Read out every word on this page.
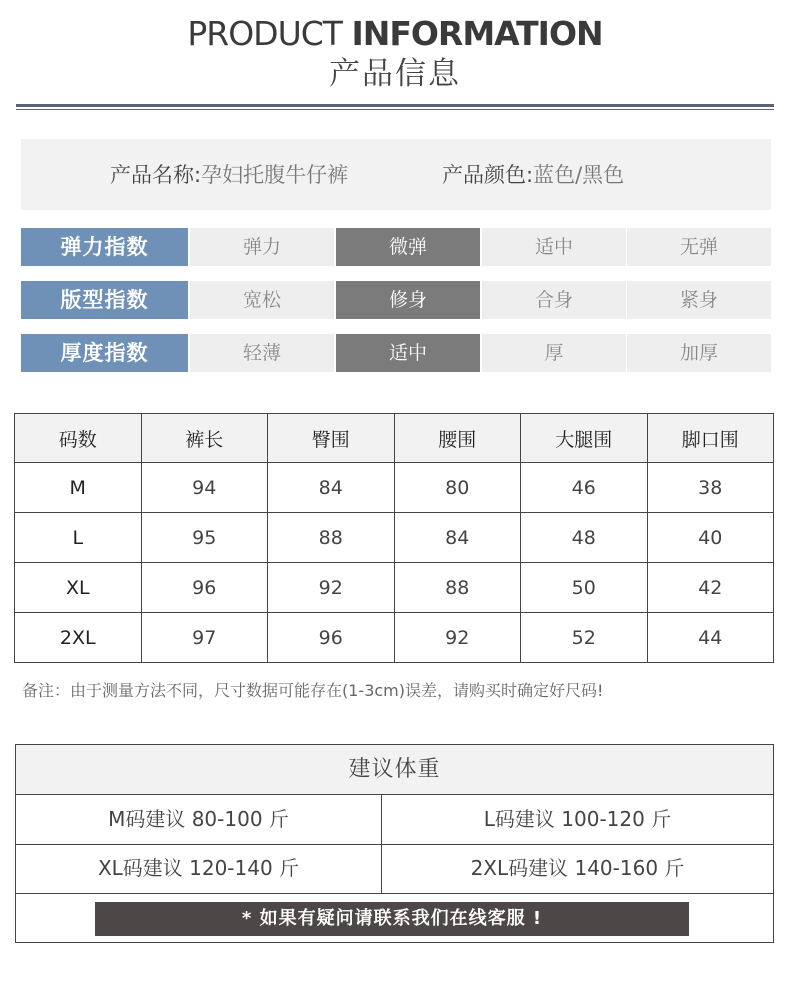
PRODUCT INFORMATION
产品信息
产品名称:孕妇托腹牛仔裤	产品颜色:蓝色/黑色
弹力指数	弹力	微弹	适中	无弹
版型指数	宽松	修身	合身	紧身
厚度指数	轻薄	适中	厚	加厚
码数	裤长	臀围	腰围	大腿围	脚口围
M	94	84	80	46	38
L	95	88	84	48	40
XL	96	92	88	50	42
2XL	97	96	92	52	44
备注：由于测量方法不同，尺寸数据可能存在(1-3cm)误差，请购买时确定好尺码!
建议体重
M码建议 80-100 斤	L码建议 100-120 斤
XL码建议 120-140 斤	2XL码建议 140-160 斤
* 如果有疑问请联系我们在线客服 !
